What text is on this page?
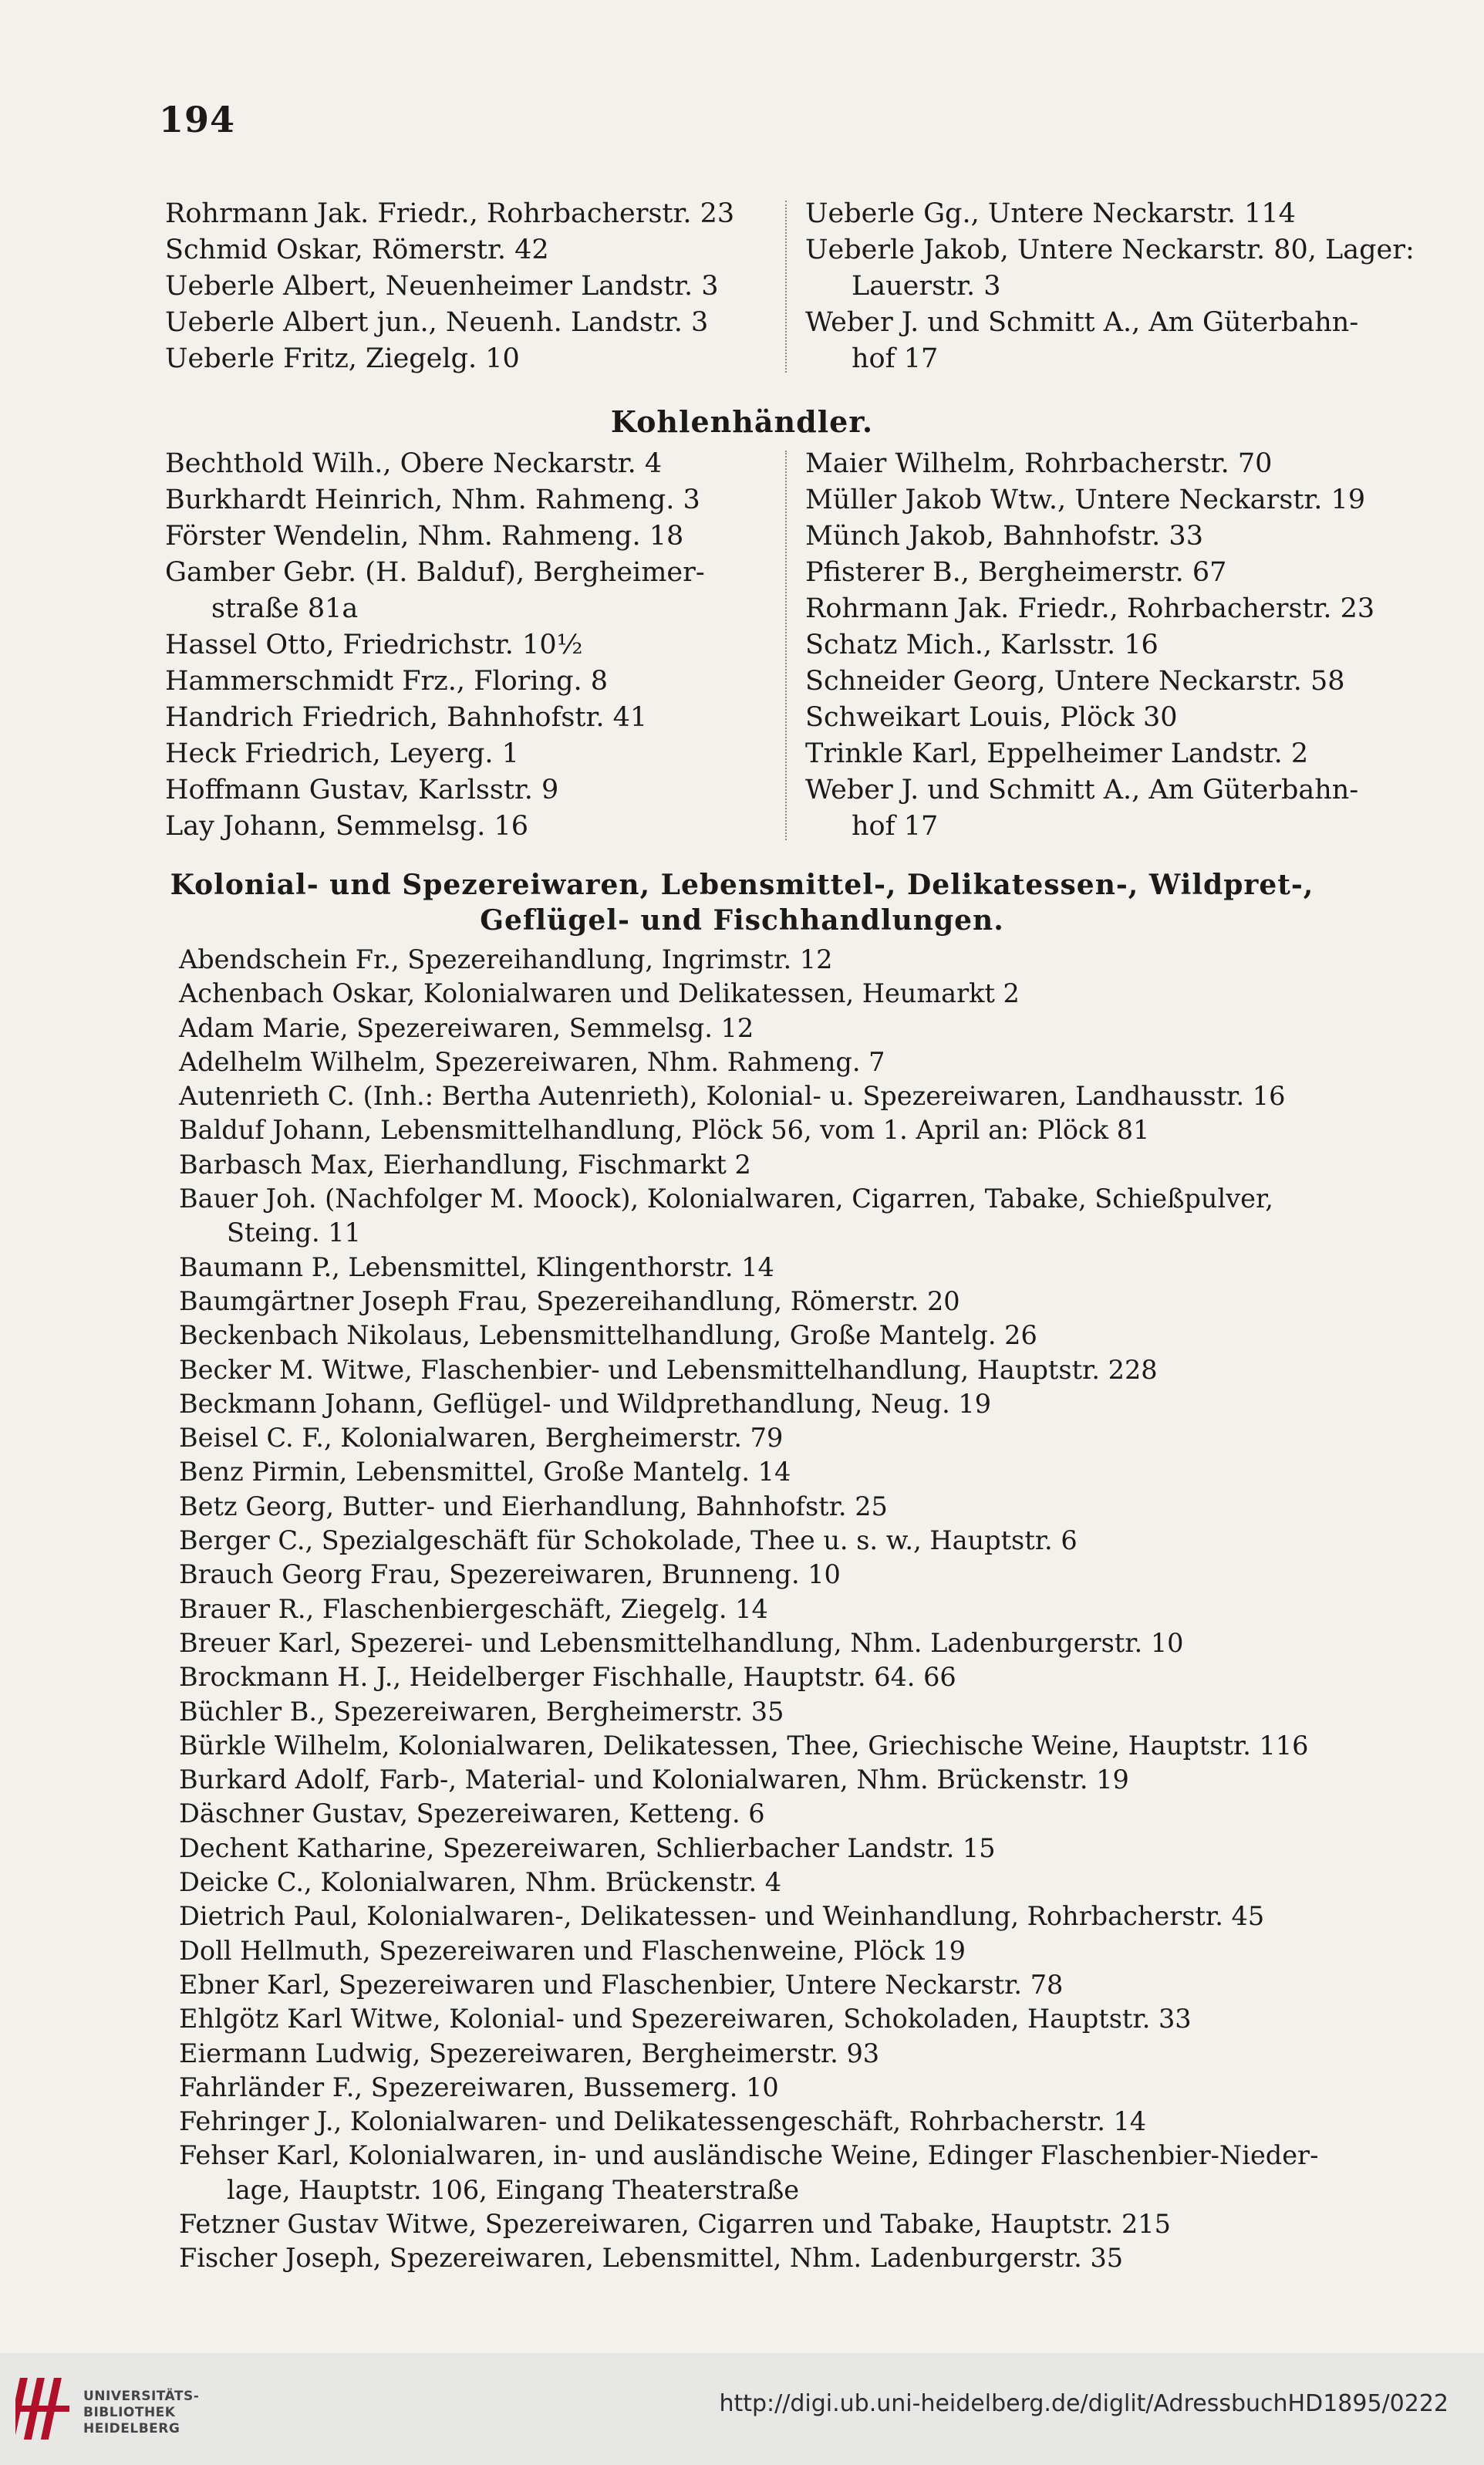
194
Rohrmann Jak. Friedr., Rohrbacherstr. 23
Schmid Oskar, Römerstr. 42
Ueberle Albert, Neuenheimer Landstr. 3
Ueberle Albert jun., Neuenh. Landstr. 3
Ueberle Fritz, Ziegelg. 10
Ueberle Gg., Untere Neckarstr. 114
Ueberle Jakob, Untere Neckarstr. 80, Lager:
Lauerstr. 3
Weber J. und Schmitt A., Am Güterbahn-
hof 17
Kohlenhändler.
Bechthold Wilh., Obere Neckarstr. 4
Burkhardt Heinrich, Nhm. Rahmeng. 3
Förster Wendelin, Nhm. Rahmeng. 18
Gamber Gebr. (H. Balduf), Bergheimer-
straße 81a
Hassel Otto, Friedrichstr. 10½
Hammerschmidt Frz., Floring. 8
Handrich Friedrich, Bahnhofstr. 41
Heck Friedrich, Leyerg. 1
Hoffmann Gustav, Karlsstr. 9
Lay Johann, Semmelsg. 16
Maier Wilhelm, Rohrbacherstr. 70
Müller Jakob Wtw., Untere Neckarstr. 19
Münch Jakob, Bahnhofstr. 33
Pfisterer B., Bergheimerstr. 67
Rohrmann Jak. Friedr., Rohrbacherstr. 23
Schatz Mich., Karlsstr. 16
Schneider Georg, Untere Neckarstr. 58
Schweikart Louis, Plöck 30
Trinkle Karl, Eppelheimer Landstr. 2
Weber J. und Schmitt A., Am Güterbahn-
hof 17
Kolonial- und Spezereiwaren, Lebensmittel-, Delikatessen-, Wildpret-,
Geflügel- und Fischhandlungen.
Abendschein Fr., Spezereihandlung, Ingrimstr. 12
Achenbach Oskar, Kolonialwaren und Delikatessen, Heumarkt 2
Adam Marie, Spezereiwaren, Semmelsg. 12
Adelhelm Wilhelm, Spezereiwaren, Nhm. Rahmeng. 7
Autenrieth C. (Inh.: Bertha Autenrieth), Kolonial- u. Spezereiwaren, Landhausstr. 16
Balduf Johann, Lebensmittelhandlung, Plöck 56, vom 1. April an: Plöck 81
Barbasch Max, Eierhandlung, Fischmarkt 2
Bauer Joh. (Nachfolger M. Moock), Kolonialwaren, Cigarren, Tabake, Schießpulver,
Steing. 11
Baumann P., Lebensmittel, Klingenthorstr. 14
Baumgärtner Joseph Frau, Spezereihandlung, Römerstr. 20
Beckenbach Nikolaus, Lebensmittelhandlung, Große Mantelg. 26
Becker M. Witwe, Flaschenbier- und Lebensmittelhandlung, Hauptstr. 228
Beckmann Johann, Geflügel- und Wildprethandlung, Neug. 19
Beisel C. F., Kolonialwaren, Bergheimerstr. 79
Benz Pirmin, Lebensmittel, Große Mantelg. 14
Betz Georg, Butter- und Eierhandlung, Bahnhofstr. 25
Berger C., Spezialgeschäft für Schokolade, Thee u. s. w., Hauptstr. 6
Brauch Georg Frau, Spezereiwaren, Brunneng. 10
Brauer R., Flaschenbiergeschäft, Ziegelg. 14
Breuer Karl, Spezerei- und Lebensmittelhandlung, Nhm. Ladenburgerstr. 10
Brockmann H. J., Heidelberger Fischhalle, Hauptstr. 64. 66
Büchler B., Spezereiwaren, Bergheimerstr. 35
Bürkle Wilhelm, Kolonialwaren, Delikatessen, Thee, Griechische Weine, Hauptstr. 116
Burkard Adolf, Farb-, Material- und Kolonialwaren, Nhm. Brückenstr. 19
Däschner Gustav, Spezereiwaren, Ketteng. 6
Dechent Katharine, Spezereiwaren, Schlierbacher Landstr. 15
Deicke C., Kolonialwaren, Nhm. Brückenstr. 4
Dietrich Paul, Kolonialwaren-, Delikatessen- und Weinhandlung, Rohrbacherstr. 45
Doll Hellmuth, Spezereiwaren und Flaschenweine, Plöck 19
Ebner Karl, Spezereiwaren und Flaschenbier, Untere Neckarstr. 78
Ehlgötz Karl Witwe, Kolonial- und Spezereiwaren, Schokoladen, Hauptstr. 33
Eiermann Ludwig, Spezereiwaren, Bergheimerstr. 93
Fahrländer F., Spezereiwaren, Bussemerg. 10
Fehringer J., Kolonialwaren- und Delikatessengeschäft, Rohrbacherstr. 14
Fehser Karl, Kolonialwaren, in- und ausländische Weine, Edinger Flaschenbier-Nieder-
lage, Hauptstr. 106, Eingang Theaterstraße
Fetzner Gustav Witwe, Spezereiwaren, Cigarren und Tabake, Hauptstr. 215
Fischer Joseph, Spezereiwaren, Lebensmittel, Nhm. Ladenburgerstr. 35
UNIVERSITÄTS-
BIBLIOTHEK
HEIDELBERG
http://digi.ub.uni-heidelberg.de/diglit/AdressbuchHD1895/0222
